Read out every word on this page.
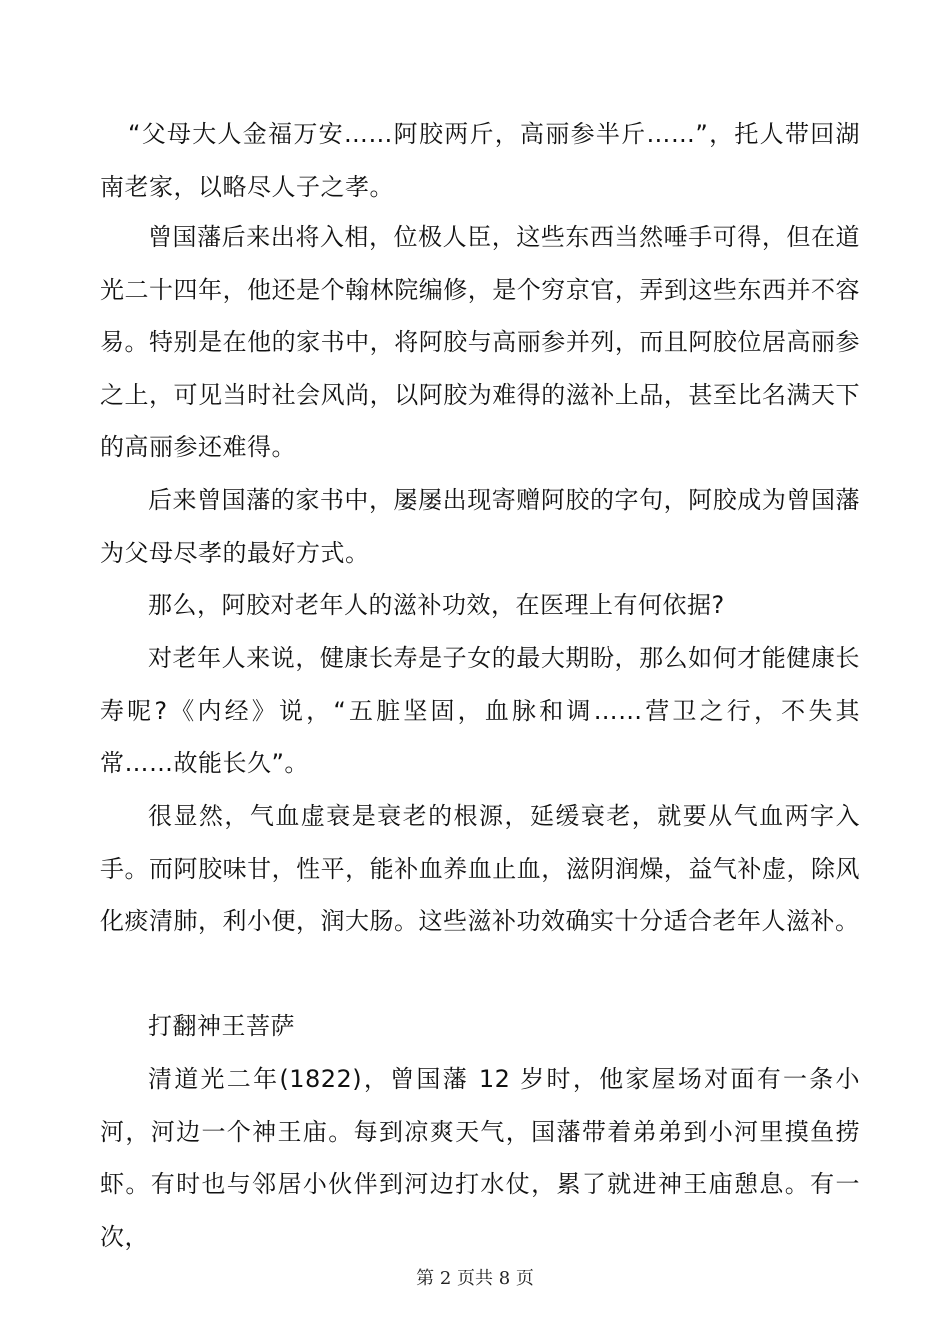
“父母大人金福万安……阿胶两斤，高丽参半斤……”，托人带回湖南老家，以略尽人子之孝。

曾国藩后来出将入相，位极人臣，这些东西当然唾手可得，但在道光二十四年，他还是个翰林院编修，是个穷京官，弄到这些东西并不容易。特别是在他的家书中，将阿胶与高丽参并列，而且阿胶位居高丽参之上，可见当时社会风尚，以阿胶为难得的滋补上品，甚至比名满天下的高丽参还难得。

后来曾国藩的家书中，屡屡出现寄赠阿胶的字句，阿胶成为曾国藩为父母尽孝的最好方式。

那么，阿胶对老年人的滋补功效，在医理上有何依据?

对老年人来说，健康长寿是子女的最大期盼，那么如何才能健康长寿呢?《内经》说，“五脏坚固，血脉和调……营卫之行，不失其常……故能长久”。

很显然，气血虚衰是衰老的根源，延缓衰老，就要从气血两字入手。而阿胶味甘，性平，能补血养血止血，滋阴润燥，益气补虚，除风化痰清肺，利小便，润大肠。这些滋补功效确实十分适合老年人滋补。

打翻神王菩萨

清道光二年(1822)，曾国藩 12 岁时，他家屋场对面有一条小河，河边一个神王庙。每到凉爽天气，国藩带着弟弟到小河里摸鱼捞虾。有时也与邻居小伙伴到河边打水仗，累了就进神王庙憩息。有一次，

第 2 页共 8 页
